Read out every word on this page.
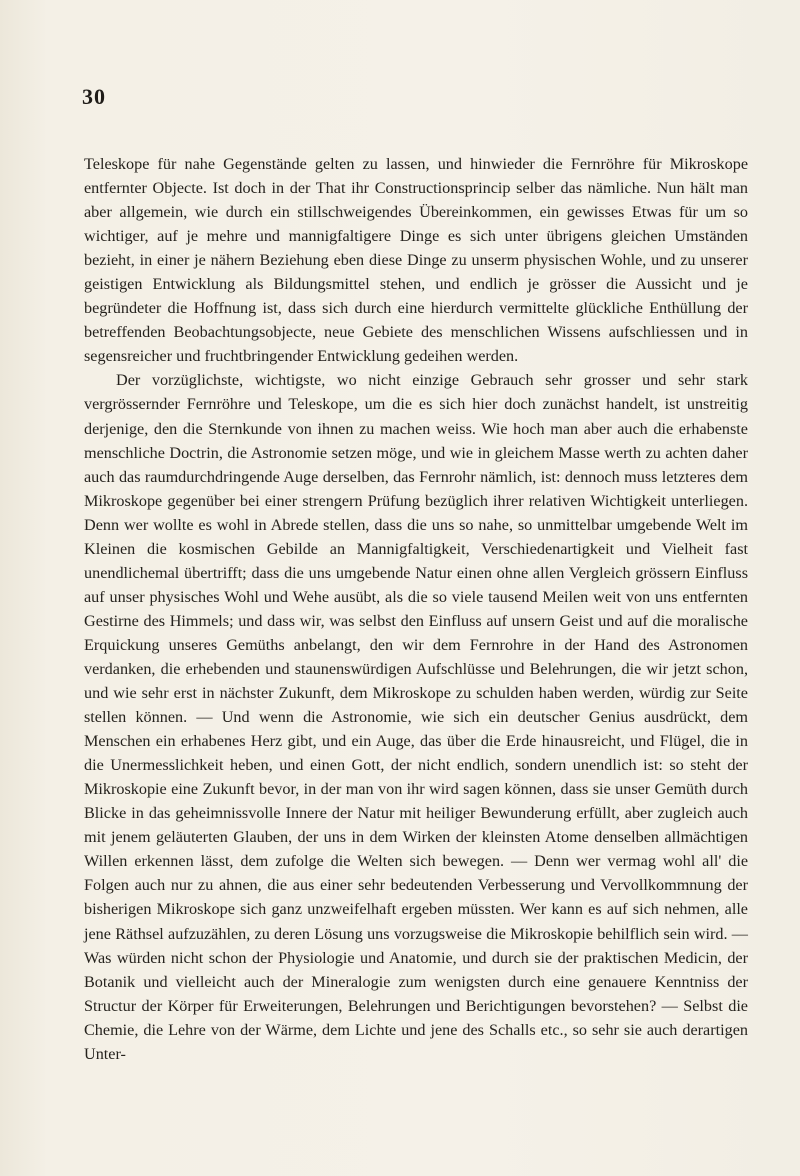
30

Teleskope für nahe Gegenstände gelten zu lassen, und hinwieder die Fernröhre für Mikroskope entfernter Objecte. Ist doch in der That ihr Constructionsprincip selber das nämliche. Nun hält man aber allgemein, wie durch ein stillschweigendes Übereinkommen, ein gewisses Etwas für um so wichtiger, auf je mehre und mannigfaltigere Dinge es sich unter übrigens gleichen Umständen bezieht, in einer je nähern Beziehung eben diese Dinge zu unserm physischen Wohle, und zu unserer geistigen Entwicklung als Bildungsmittel stehen, und endlich je grösser die Aussicht und je begründeter die Hoffnung ist, dass sich durch eine hierdurch vermittelte glückliche Enthüllung der betreffenden Beobachtungsobjecte, neue Gebiete des menschlichen Wissens aufschliessen und in segensreicher und fruchtbringender Entwicklung gedeihen werden.

Der vorzüglichste, wichtigste, wo nicht einzige Gebrauch sehr grosser und sehr stark vergrössernder Fernröhre und Teleskope, um die es sich hier doch zunächst handelt, ist unstreitig derjenige, den die Sternkunde von ihnen zu machen weiss. Wie hoch man aber auch die erhabenste menschliche Doctrin, die Astronomie setzen möge, und wie in gleichem Masse werth zu achten daher auch das raumdurchdringende Auge derselben, das Fernrohr nämlich, ist: dennoch muss letzteres dem Mikroskope gegenüber bei einer strengern Prüfung bezüglich ihrer relativen Wichtigkeit unterliegen. Denn wer wollte es wohl in Abrede stellen, dass die uns so nahe, so unmittelbar umgebende Welt im Kleinen die kosmischen Gebilde an Mannigfaltigkeit, Verschiedenartigkeit und Vielheit fast unendlichemal übertrifft; dass die uns umgebende Natur einen ohne allen Vergleich grössern Einfluss auf unser physisches Wohl und Wehe ausübt, als die so viele tausend Meilen weit von uns entfernten Gestirne des Himmels; und dass wir, was selbst den Einfluss auf unsern Geist und auf die moralische Erquickung unseres Gemüths anbelangt, den wir dem Fernrohre in der Hand des Astronomen verdanken, die erhebenden und staunenswürdigen Aufschlüsse und Belehrungen, die wir jetzt schon, und wie sehr erst in nächster Zukunft, dem Mikroskope zu schulden haben werden, würdig zur Seite stellen können. — Und wenn die Astronomie, wie sich ein deutscher Genius ausdrückt, dem Menschen ein erhabenes Herz gibt, und ein Auge, das über die Erde hinausreicht, und Flügel, die in die Unermesslichkeit heben, und einen Gott, der nicht endlich, sondern unendlich ist: so steht der Mikroskopie eine Zukunft bevor, in der man von ihr wird sagen können, dass sie unser Gemüth durch Blicke in das geheimnissvolle Innere der Natur mit heiliger Bewunderung erfüllt, aber zugleich auch mit jenem geläuterten Glauben, der uns in dem Wirken der kleinsten Atome denselben allmächtigen Willen erkennen lässt, dem zufolge die Welten sich bewegen. — Denn wer vermag wohl all' die Folgen auch nur zu ahnen, die aus einer sehr bedeutenden Verbesserung und Vervollkommnung der bisherigen Mikroskope sich ganz unzweifelhaft ergeben müssten. Wer kann es auf sich nehmen, alle jene Räthsel aufzuzählen, zu deren Lösung uns vorzugsweise die Mikroskopie behilflich sein wird. — Was würden nicht schon der Physiologie und Anatomie, und durch sie der praktischen Medicin, der Botanik und vielleicht auch der Mineralogie zum wenigsten durch eine genauere Kenntniss der Structur der Körper für Erweiterungen, Belehrungen und Berichtigungen bevorstehen? — Selbst die Chemie, die Lehre von der Wärme, dem Lichte und jene des Schalls etc., so sehr sie auch derartigen Unter-
